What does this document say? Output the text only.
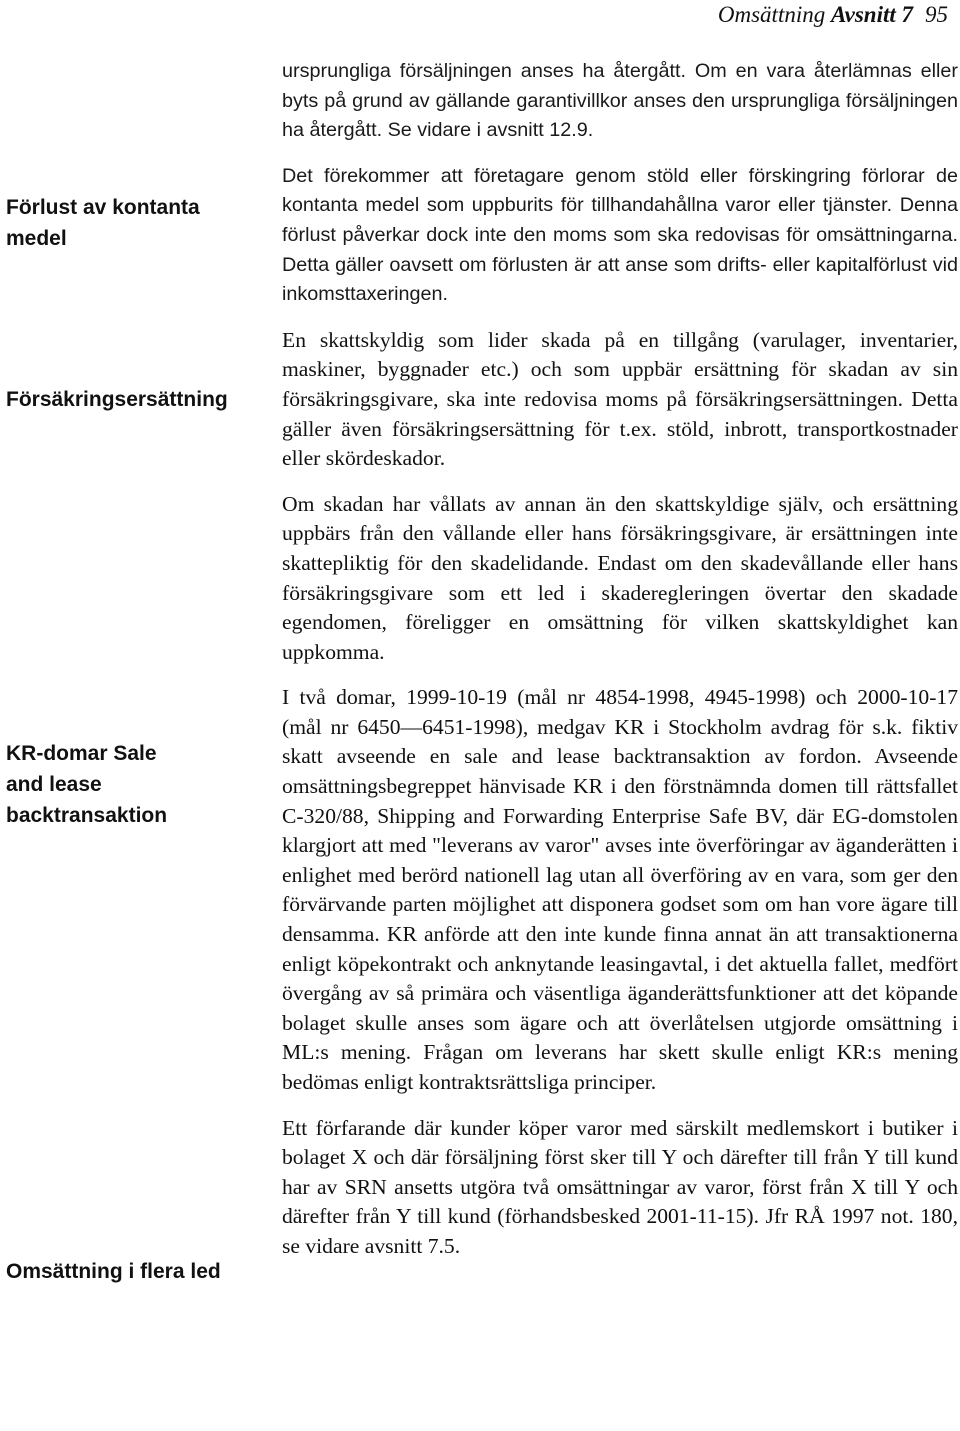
Omsättning Avsnitt 7 95
Förlust av kontanta medel
Försäkringsersättning
KR-domar Sale and lease backtransaktion
Omsättning i flera led

ursprungliga försäljningen anses ha återgått. Om en vara återlämnas eller byts på grund av gällande garantivillkor anses den ursprungliga försäljningen ha återgått. Se vidare i avsnitt 12.9.

Det förekommer att företagare genom stöld eller förskingring förlorar de kontanta medel som uppburits för tillhandahållna varor eller tjänster. Denna förlust påverkar dock inte den moms som ska redovisas för omsättningarna. Detta gäller oavsett om förlusten är att anse som drifts- eller kapitalförlust vid inkomsttaxeringen.

En skattskyldig som lider skada på en tillgång (varulager, inventarier, maskiner, byggnader etc.) och som uppbär ersättning för skadan av sin försäkringsgivare, ska inte redovisa moms på försäkringsersättningen. Detta gäller även försäkringsersättning för t.ex. stöld, inbrott, transportkostnader eller skördeskador.

Om skadan har vållats av annan än den skattskyldige själv, och ersättning uppbärs från den vållande eller hans försäkringsgivare, är ersättningen inte skattepliktig för den skadelidande. Endast om den skadevållande eller hans försäkringsgivare som ett led i skaderegleringen övertar den skadade egendomen, föreligger en omsättning för vilken skattskyldighet kan uppkomma.

I två domar, 1999-10-19 (mål nr 4854-1998, 4945-1998) och 2000-10-17 (mål nr 6450—6451-1998), medgav KR i Stockholm avdrag för s.k. fiktiv skatt avseende en sale and lease backtransaktion av fordon. Avseende omsättningsbegreppet hänvisade KR i den förstnämnda domen till rättsfallet C-320/88, Shipping and Forwarding Enterprise Safe BV, där EG-domstolen klargjort att med "leverans av varor" avses inte överföringar av äganderätten i enlighet med berörd nationell lag utan all överföring av en vara, som ger den förvärvande parten möjlighet att disponera godset som om han vore ägare till densamma. KR anförde att den inte kunde finna annat än att transaktionerna enligt köpekontrakt och anknytande leasingavtal, i det aktuella fallet, medfört övergång av så primära och väsentliga äganderättsfunktioner att det köpande bolaget skulle anses som ägare och att överlåtelsen utgjorde omsättning i ML:s mening. Frågan om leverans har skett skulle enligt KR:s mening bedömas enligt kontraktsrättsliga principer.

Ett förfarande där kunder köper varor med särskilt medlemskort i butiker i bolaget X och där försäljning först sker till Y och därefter till från Y till kund har av SRN ansetts utgöra två omsättningar av varor, först från X till Y och därefter från Y till kund (förhandsbesked 2001-11-15). Jfr RÅ 1997 not. 180, se vidare avsnitt 7.5.
